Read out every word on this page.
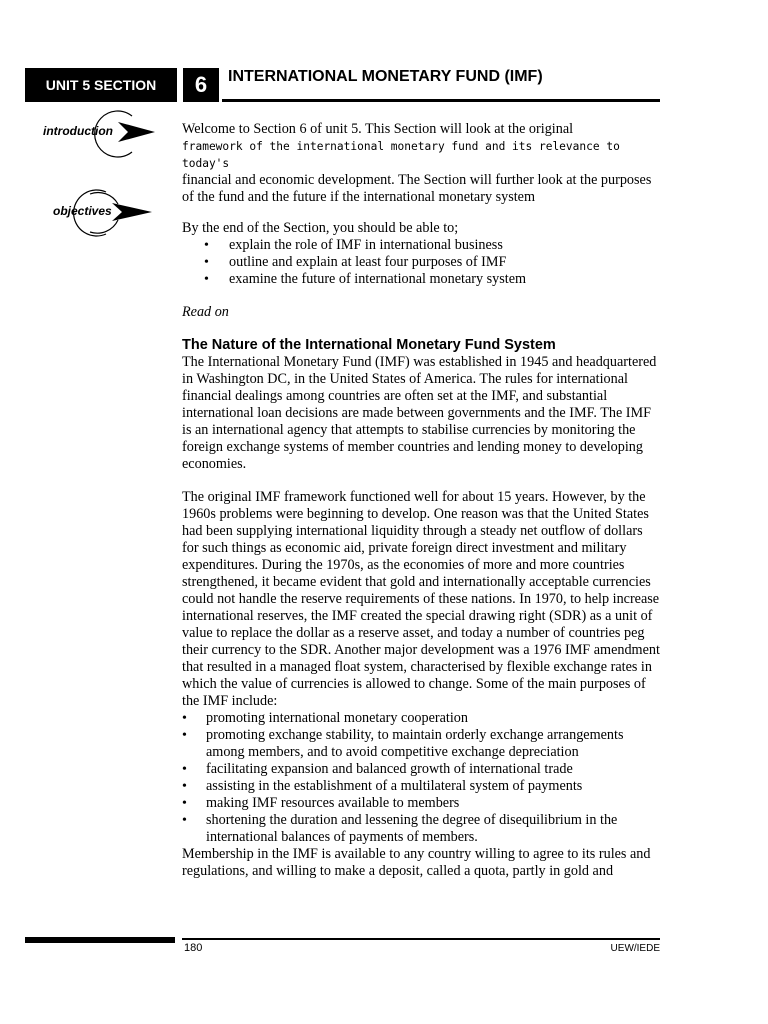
UNIT 5 SECTION	6	INTERNATIONAL MONETARY FUND (IMF)
introduction
objectives

Welcome to Section 6 of unit 5. This Section will look at the original
framework of the international monetary fund and its relevance to today's
financial and economic development. The Section will further look at the purposes of the fund and the future if the international monetary system

By the end of the Section, you should be able to;

• explain the role of IMF in international business
• outline and explain at least four purposes of IMF
• examine the future of international monetary system

Read on

The Nature of the International Monetary Fund System

The International Monetary Fund (IMF) was established in 1945 and headquartered in Washington DC, in the United States of America. The rules for international financial dealings among countries are often set at the IMF, and substantial international loan decisions are made between governments and the IMF. The IMF is an international agency that attempts to stabilise currencies by monitoring the foreign exchange systems of member countries and lending money to developing economies.

The original IMF framework functioned well for about 15 years. However, by the 1960s problems were beginning to develop. One reason was that the United States had been supplying international liquidity through a steady net outflow of dollars for such things as economic aid, private foreign direct investment and military expenditures. During the 1970s, as the economies of more and more countries strengthened, it became evident that gold and internationally acceptable currencies could not handle the reserve requirements of these nations. In 1970, to help increase international reserves, the IMF created the special drawing right (SDR) as a unit of value to replace the dollar as a reserve asset, and today a number of countries peg their currency to the SDR. Another major development was a 1976 IMF amendment that resulted in a managed float system, characterised by flexible exchange rates in which the value of currencies is allowed to change. Some of the main purposes of the IMF include:

• promoting international monetary cooperation
• promoting exchange stability, to maintain orderly exchange arrangements among members, and to avoid competitive exchange depreciation
• facilitating expansion and balanced growth of international trade
• assisting in the establishment of a multilateral system of payments
• making IMF resources available to members
• shortening the duration and lessening the degree of disequilibrium in the international balances of payments of members.

Membership in the IMF is available to any country willing to agree to its rules and regulations, and willing to make a deposit, called a quota, partly in gold and

180	UEW/IEDE
